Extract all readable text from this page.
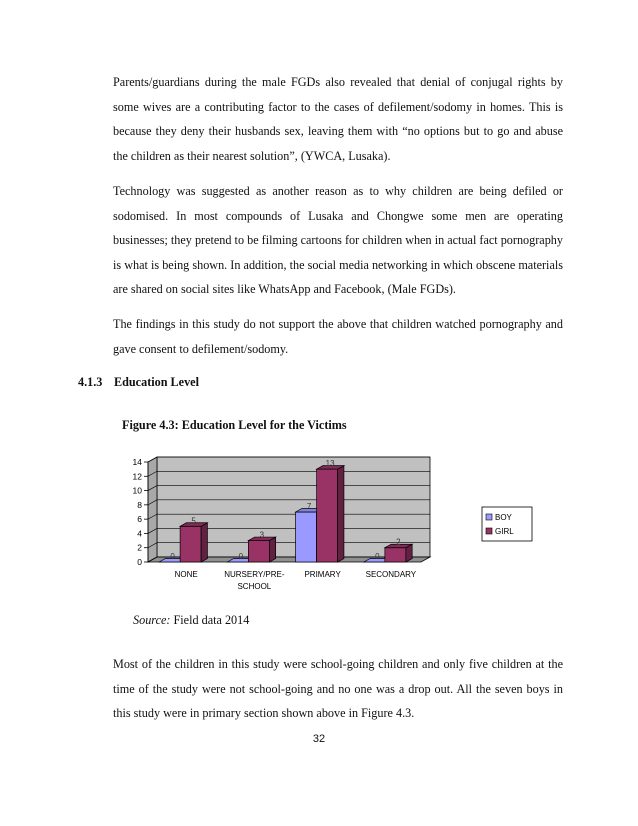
Parents/guardians during the male FGDs also revealed that denial of conjugal rights by some wives are a contributing factor to the cases of defilement/sodomy in homes. This is because they deny their husbands sex, leaving them with “no options but to go and abuse the children as their nearest solution”, (YWCA, Lusaka).

Technology was suggested as another reason as to why children are being defiled or sodomised. In most compounds of Lusaka and Chongwe some men are operating businesses; they pretend to be filming cartoons for children when in actual fact pornography is what is being shown. In addition, the social media networking in which obscene materials are shared on social sites like WhatsApp and Facebook, (Male FGDs).

The findings in this study do not support the above that children watched pornography and gave consent to defilement/sodomy.

4.1.3 Education Level
Figure 4.3: Education Level for the Victims
0
2
4
6
8
10
12
14
0
5
NONE
0
3
NURSERY/PRE-SCHOOL
7
13
PRIMARY
0
2
SECONDARY
BOY
GIRL
Source: Field data 2014

Most of the children in this study were school-going children and only five children at the time of the study were not school-going and no one was a drop out. All the seven boys in this study were in primary section shown above in Figure 4.3.

32
